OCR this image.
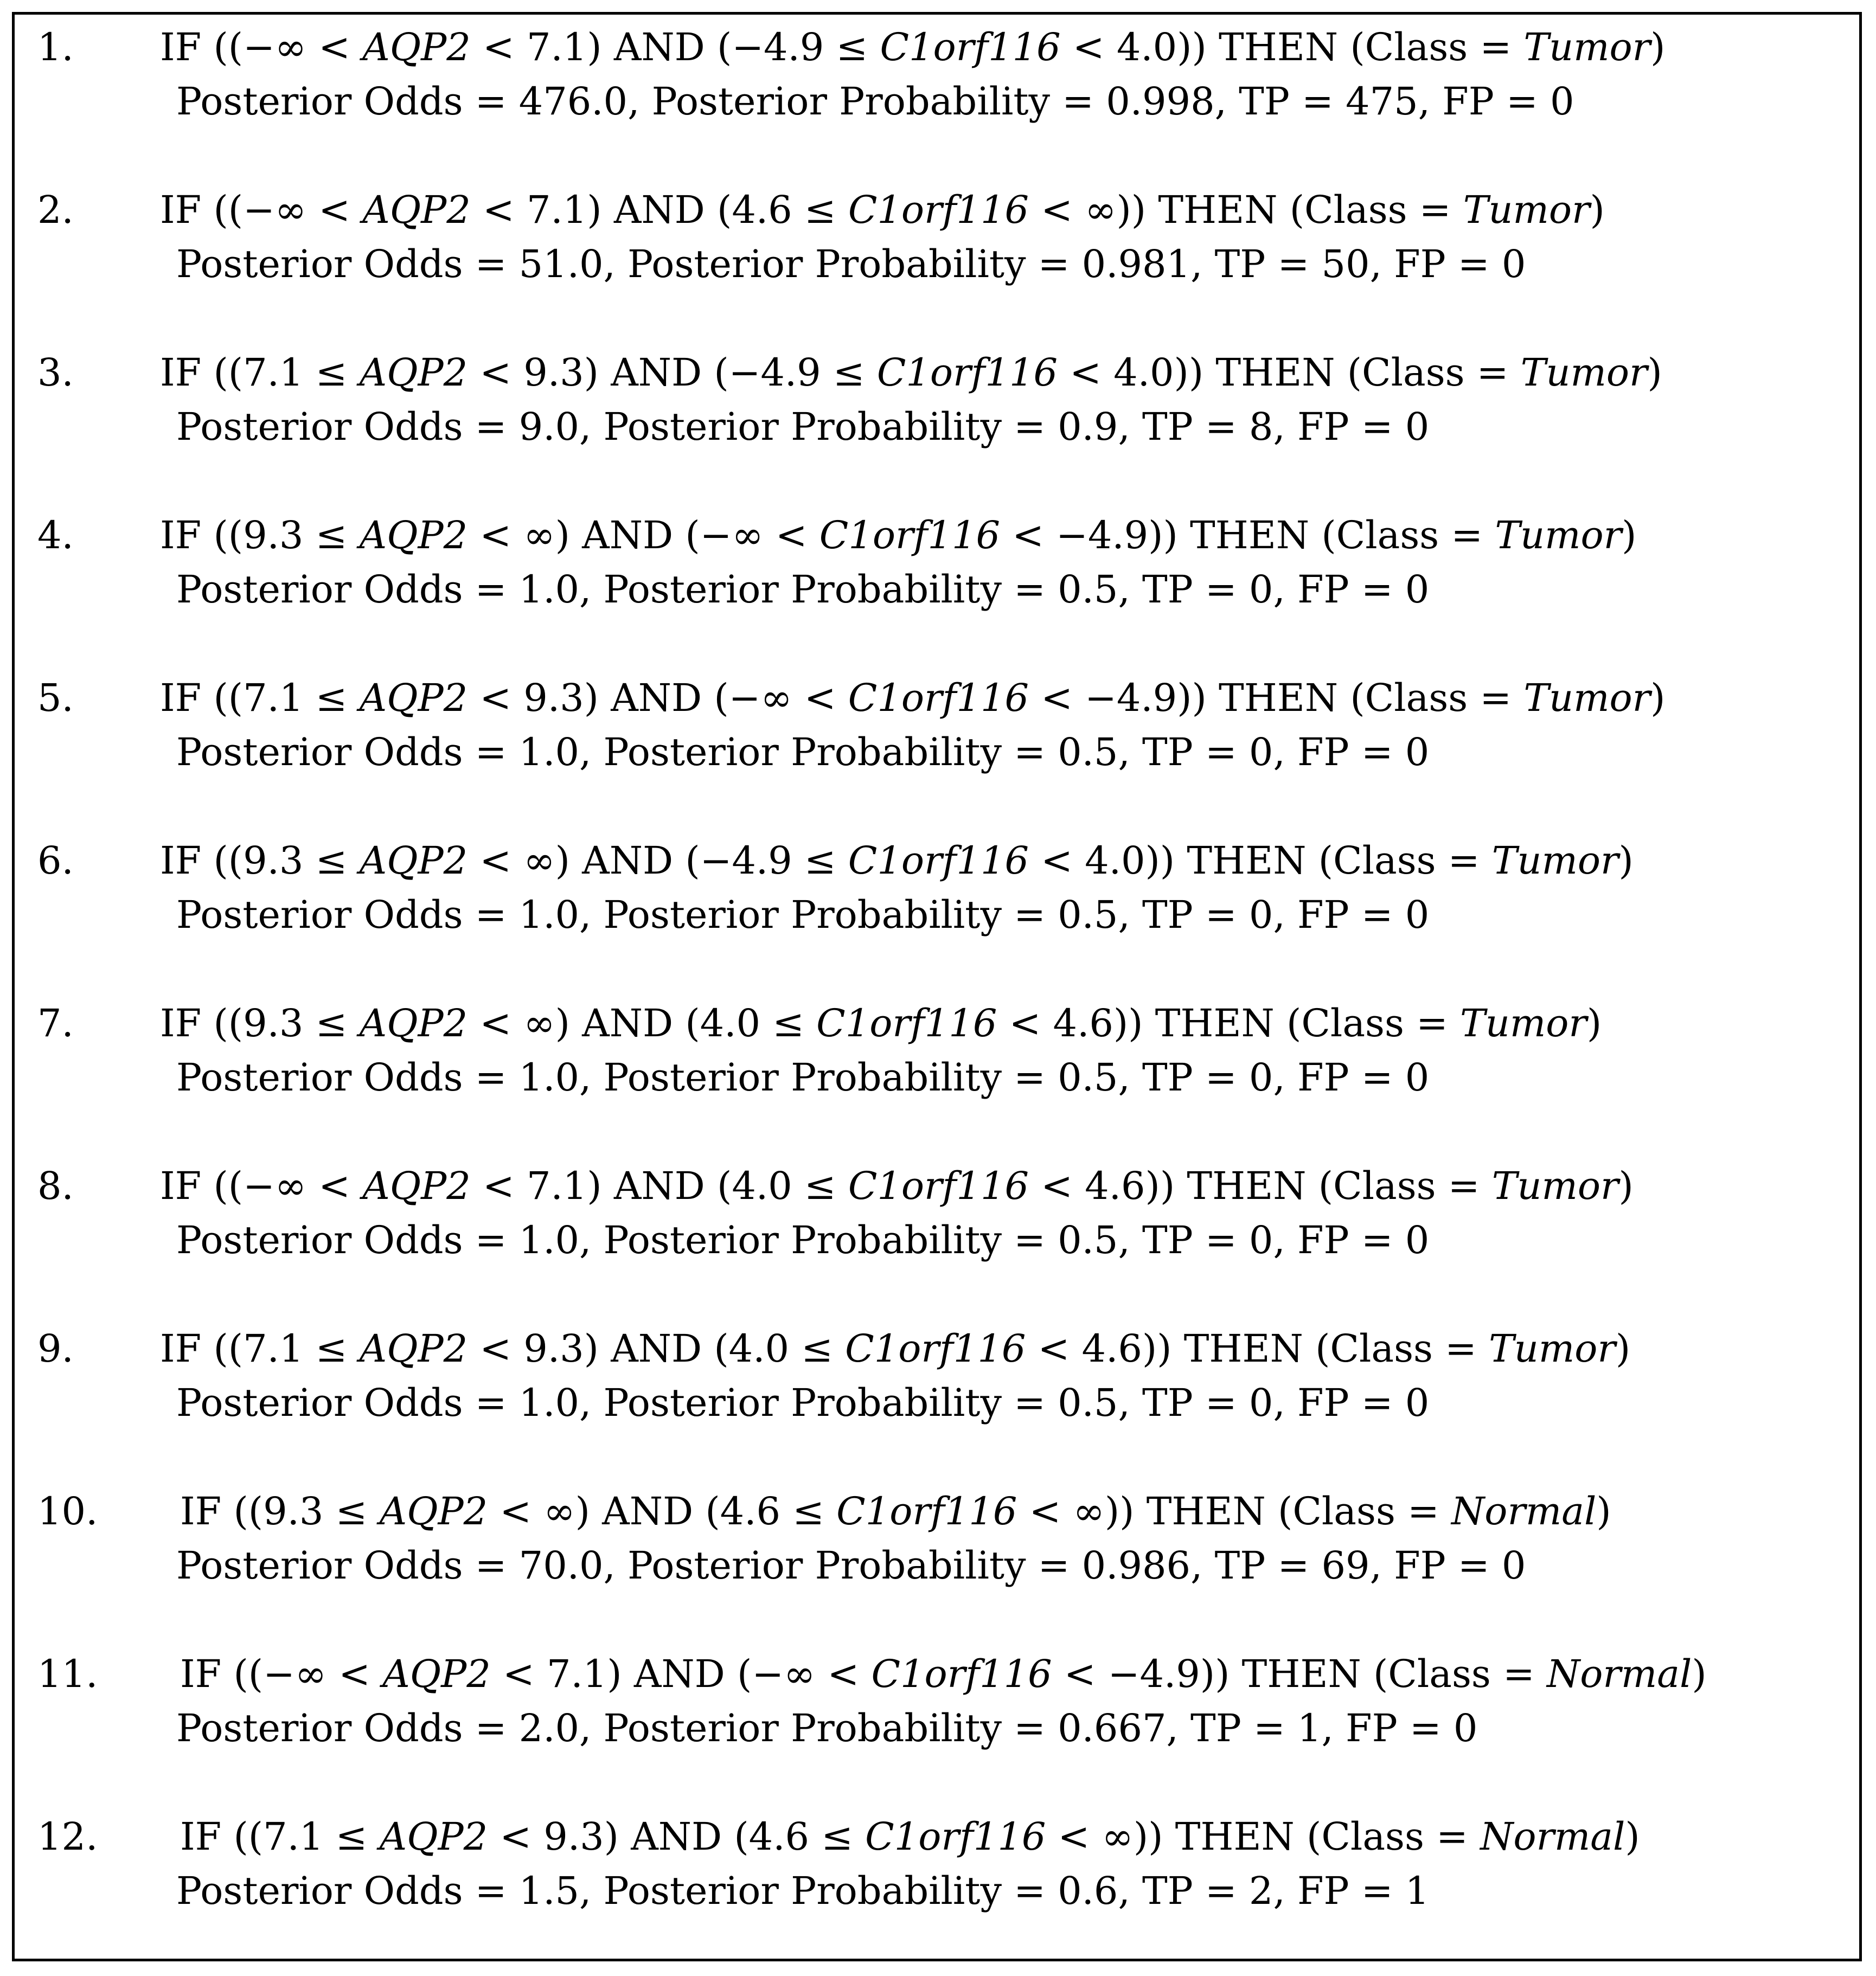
1. IF ((−∞ < AQP2 < 7.1) AND (−4.9 ≤ C1orf116 < 4.0)) THEN (Class = Tumor)
Posterior Odds = 476.0, Posterior Probability = 0.998, TP = 475, FP = 0
2. IF ((−∞ < AQP2 < 7.1) AND (4.6 ≤ C1orf116 < ∞)) THEN (Class = Tumor)
Posterior Odds = 51.0, Posterior Probability = 0.981, TP = 50, FP = 0
3. IF ((7.1 ≤ AQP2 < 9.3) AND (−4.9 ≤ C1orf116 < 4.0)) THEN (Class = Tumor)
Posterior Odds = 9.0, Posterior Probability = 0.9, TP = 8, FP = 0
4. IF ((9.3 ≤ AQP2 < ∞) AND (−∞ < C1orf116 < −4.9)) THEN (Class = Tumor)
Posterior Odds = 1.0, Posterior Probability = 0.5, TP = 0, FP = 0
5. IF ((7.1 ≤ AQP2 < 9.3) AND (−∞ < C1orf116 < −4.9)) THEN (Class = Tumor)
Posterior Odds = 1.0, Posterior Probability = 0.5, TP = 0, FP = 0
6. IF ((9.3 ≤ AQP2 < ∞) AND (−4.9 ≤ C1orf116 < 4.0)) THEN (Class = Tumor)
Posterior Odds = 1.0, Posterior Probability = 0.5, TP = 0, FP = 0
7. IF ((9.3 ≤ AQP2 < ∞) AND (4.0 ≤ C1orf116 < 4.6)) THEN (Class = Tumor)
Posterior Odds = 1.0, Posterior Probability = 0.5, TP = 0, FP = 0
8. IF ((−∞ < AQP2 < 7.1) AND (4.0 ≤ C1orf116 < 4.6)) THEN (Class = Tumor)
Posterior Odds = 1.0, Posterior Probability = 0.5, TP = 0, FP = 0
9. IF ((7.1 ≤ AQP2 < 9.3) AND (4.0 ≤ C1orf116 < 4.6)) THEN (Class = Tumor)
Posterior Odds = 1.0, Posterior Probability = 0.5, TP = 0, FP = 0
10. IF ((9.3 ≤ AQP2 < ∞) AND (4.6 ≤ C1orf116 < ∞)) THEN (Class = Normal)
Posterior Odds = 70.0, Posterior Probability = 0.986, TP = 69, FP = 0
11. IF ((−∞ < AQP2 < 7.1) AND (−∞ < C1orf116 < −4.9)) THEN (Class = Normal)
Posterior Odds = 2.0, Posterior Probability = 0.667, TP = 1, FP = 0
12. IF ((7.1 ≤ AQP2 < 9.3) AND (4.6 ≤ C1orf116 < ∞)) THEN (Class = Normal)
Posterior Odds = 1.5, Posterior Probability = 0.6, TP = 2, FP = 1
